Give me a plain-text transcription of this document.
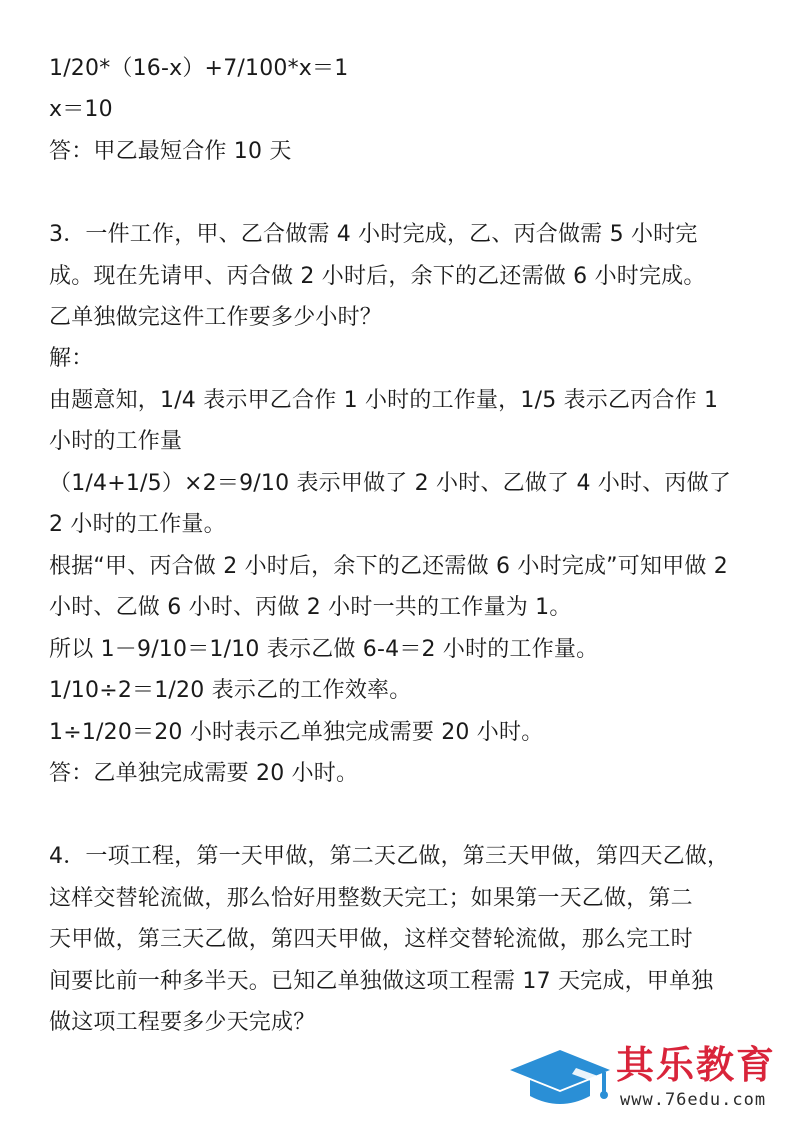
1/20*（16-x）+7/100*x＝1
x＝10
答：甲乙最短合作 10 天
3．一件工作，甲、乙合做需 4 小时完成，乙、丙合做需 5 小时完
成。现在先请甲、丙合做 2 小时后，余下的乙还需做 6 小时完成。
乙单独做完这件工作要多少小时？
解：
由题意知，1/4 表示甲乙合作 1 小时的工作量，1/5 表示乙丙合作 1
小时的工作量
（1/4+1/5）×2＝9/10 表示甲做了 2 小时、乙做了 4 小时、丙做了
2 小时的工作量。
根据“甲、丙合做 2 小时后，余下的乙还需做 6 小时完成”可知甲做 2
小时、乙做 6 小时、丙做 2 小时一共的工作量为 1。
所以 1－9/10＝1/10 表示乙做 6-4＝2 小时的工作量。
1/10÷2＝1/20 表示乙的工作效率。
1÷1/20＝20 小时表示乙单独完成需要 20 小时。
答：乙单独完成需要 20 小时。
4．一项工程，第一天甲做，第二天乙做，第三天甲做，第四天乙做，
这样交替轮流做，那么恰好用整数天完工；如果第一天乙做，第二
天甲做，第三天乙做，第四天甲做，这样交替轮流做，那么完工时
间要比前一种多半天。已知乙单独做这项工程需 17 天完成，甲单独
做这项工程要多少天完成？
其乐教育
www.76edu.com
